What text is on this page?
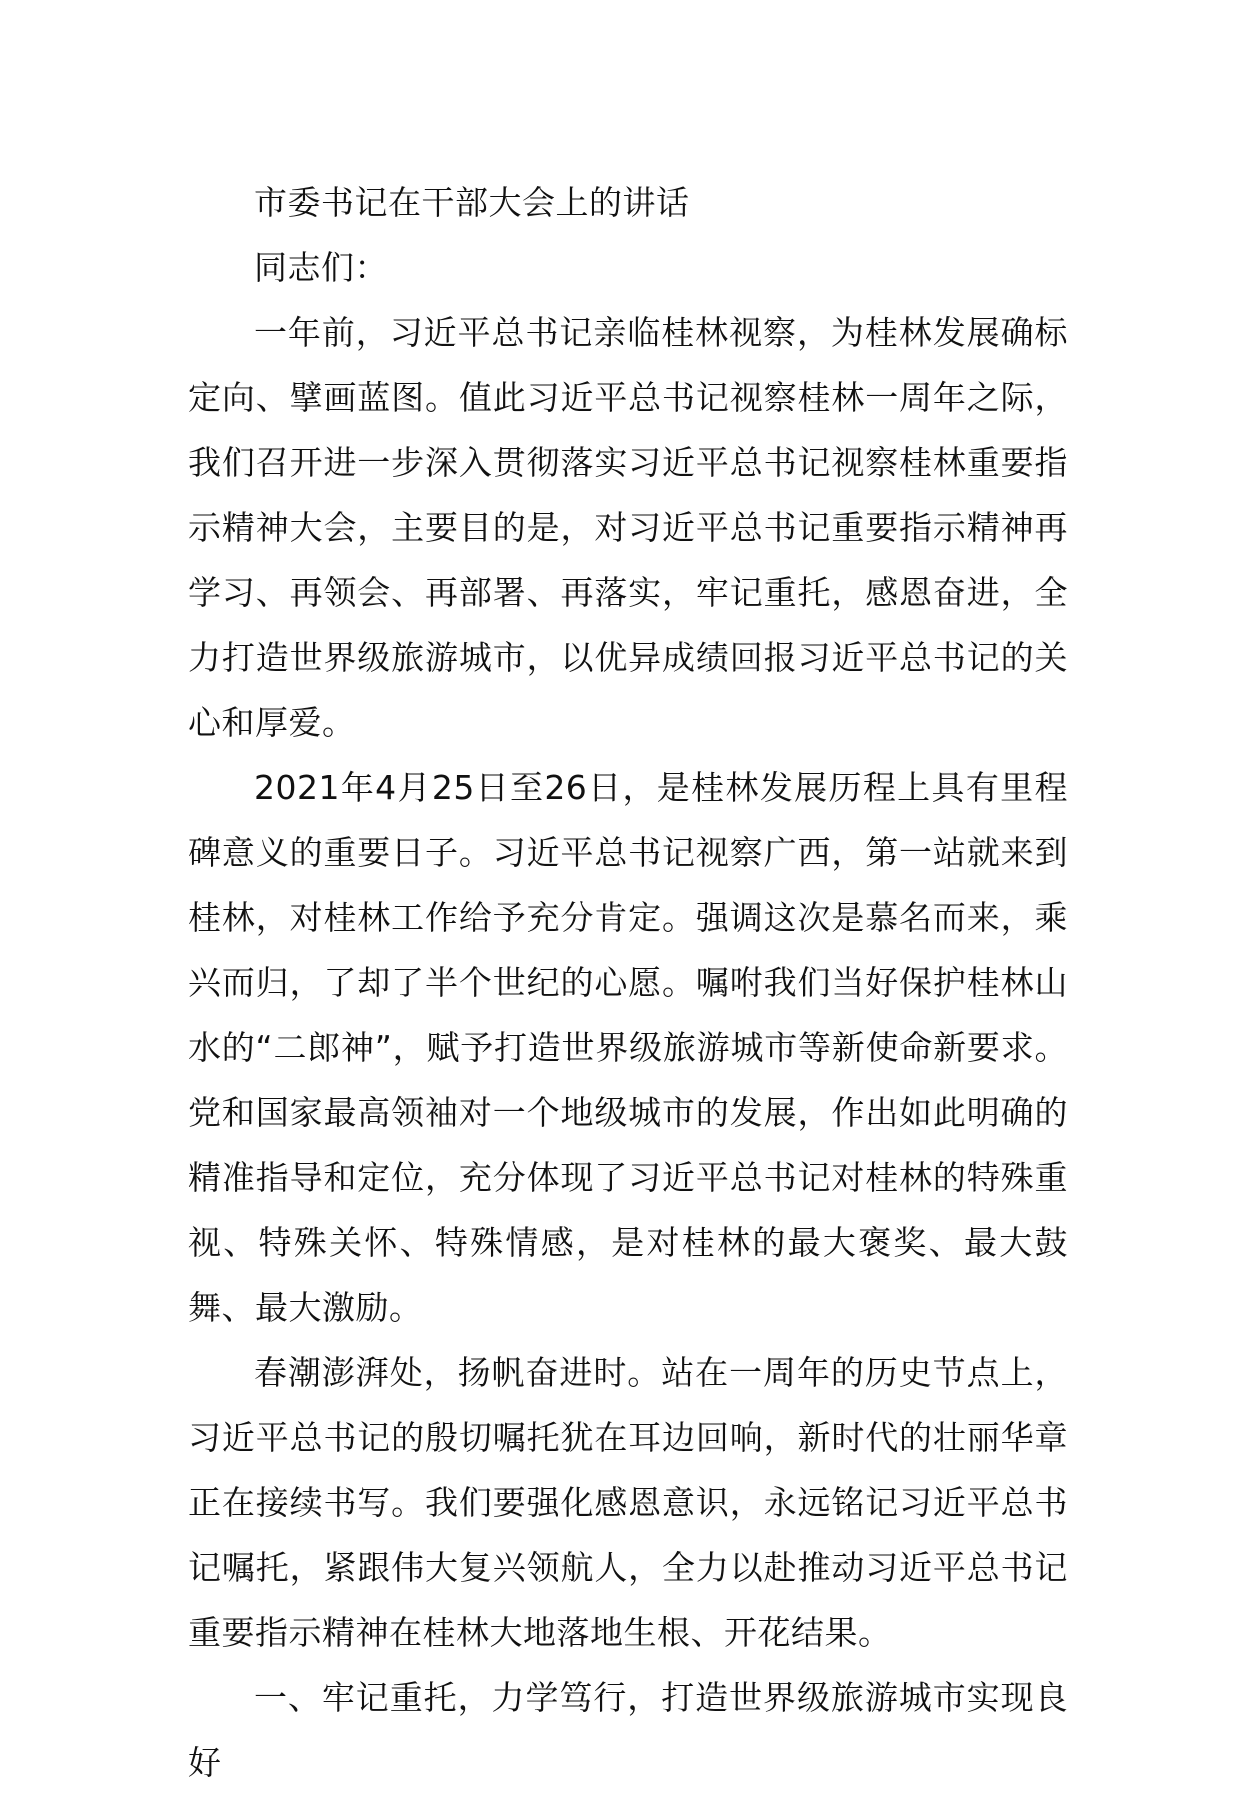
市委书记在干部大会上的讲话

同志们：

一年前，习近平总书记亲临桂林视察，为桂林发展确标定向、擘画蓝图。值此习近平总书记视察桂林一周年之际，我们召开进一步深入贯彻落实习近平总书记视察桂林重要指示精神大会，主要目的是，对习近平总书记重要指示精神再学习、再领会、再部署、再落实，牢记重托，感恩奋进，全力打造世界级旅游城市，以优异成绩回报习近平总书记的关心和厚爱。

2021年4月25日至26日，是桂林发展历程上具有里程碑意义的重要日子。习近平总书记视察广西，第一站就来到桂林，对桂林工作给予充分肯定。强调这次是慕名而来，乘兴而归，了却了半个世纪的心愿。嘱咐我们当好保护桂林山水的“二郎神”，赋予打造世界级旅游城市等新使命新要求。党和国家最高领袖对一个地级城市的发展，作出如此明确的精准指导和定位，充分体现了习近平总书记对桂林的特殊重视、特殊关怀、特殊情感，是对桂林的最大褒奖、最大鼓舞、最大激励。

春潮澎湃处，扬帆奋进时。站在一周年的历史节点上，习近平总书记的殷切嘱托犹在耳边回响，新时代的壮丽华章正在接续书写。我们要强化感恩意识，永远铭记习近平总书记嘱托，紧跟伟大复兴领航人，全力以赴推动习近平总书记重要指示精神在桂林大地落地生根、开花结果。

一、牢记重托，力学笃行，打造世界级旅游城市实现良好
